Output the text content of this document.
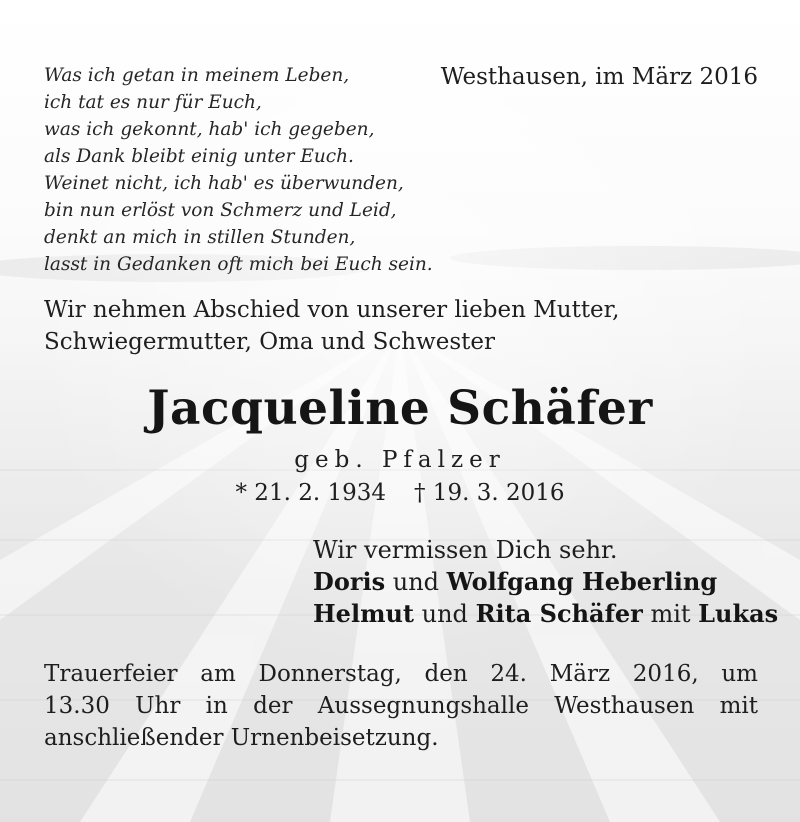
Was ich getan in meinem Leben,
ich tat es nur für Euch,
was ich gekonnt, hab' ich gegeben,
als Dank bleibt einig unter Euch.
Weinet nicht, ich hab' es überwunden,
bin nun erlöst von Schmerz und Leid,
denkt an mich in stillen Stunden,
lasst in Gedanken oft mich bei Euch sein.
Westhausen, im März 2016

Wir nehmen Abschied von unserer lieben Mutter,
Schwiegermutter, Oma und Schwester

Jacqueline Schäfer
geb. Pfalzer
* 21. 2. 1934 † 19. 3. 2016
Wir vermissen Dich sehr.
Doris und Wolfgang Heberling
Helmut und Rita Schäfer mit Lukas
Trauerfeier am Donnerstag, den 24. März 2016, um
13.30 Uhr in der Aussegnungshalle Westhausen mit
anschließender Urnenbeisetzung.
